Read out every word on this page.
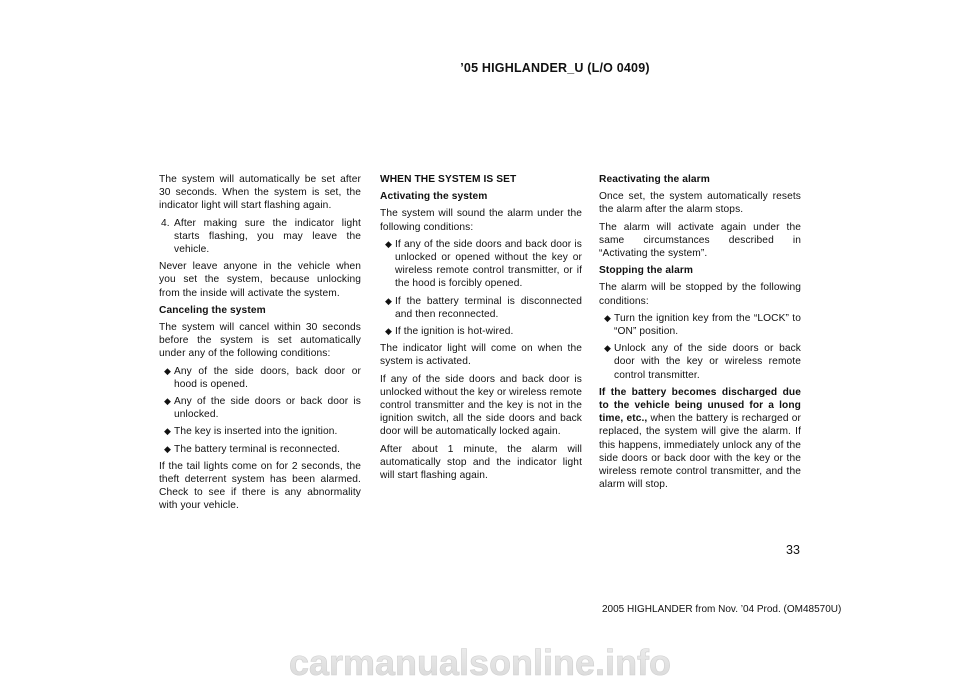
’05 HIGHLANDER_U (L/O 0409)

The system will automatically be set after 30 seconds. When the system is set, the indicator light will start flashing again.

4. After making sure the indicator light starts flashing, you may leave the vehicle.

Never leave anyone in the vehicle when you set the system, because unlocking from the inside will activate the system.

Canceling the system

The system will cancel within 30 seconds before the system is set automatically under any of the following conditions:

◆ Any of the side doors, back door or hood is opened.
◆ Any of the side doors or back door is unlocked.
◆ The key is inserted into the ignition.
◆ The battery terminal is reconnected.

If the tail lights come on for 2 seconds, the theft deterrent system has been alarmed. Check to see if there is any abnormality with your vehicle.

WHEN THE SYSTEM IS SET

Activating the system

The system will sound the alarm under the following conditions:

◆ If any of the side doors and back door is unlocked or opened without the key or wireless remote control transmitter, or if the hood is forcibly opened.
◆ If the battery terminal is disconnected and then reconnected.
◆ If the ignition is hot-wired.

The indicator light will come on when the system is activated.

If any of the side doors and back door is unlocked without the key or wireless remote control transmitter and the key is not in the ignition switch, all the side doors and back door will be automatically locked again.

After about 1 minute, the alarm will automatically stop and the indicator light will start flashing again.

Reactivating the alarm

Once set, the system automatically resets the alarm after the alarm stops.

The alarm will activate again under the same circumstances described in “Activating the system”.

Stopping the alarm

The alarm will be stopped by the following conditions:

◆ Turn the ignition key from the “LOCK” to “ON” position.
◆ Unlock any of the side doors or back door with the key or wireless remote control transmitter.

If the battery becomes discharged due to the vehicle being unused for a long time, etc., when the battery is recharged or replaced, the system will give the alarm. If this happens, immediately unlock any of the side doors or back door with the key or the wireless remote control transmitter, and the alarm will stop.

33
2005 HIGHLANDER from Nov. ’04 Prod. (OM48570U)
carmanualsonline.info
